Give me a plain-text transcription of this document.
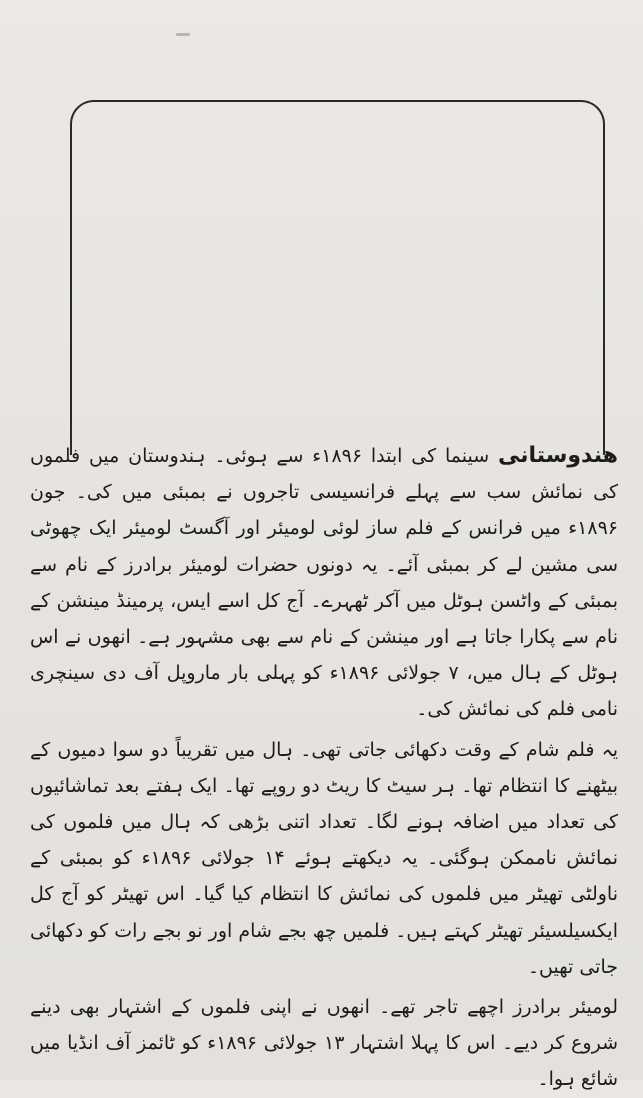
هندوستانی سینما کی ابتدا ۱۸۹۶ء سے ہوئی۔ ہندوستان میں فلموں کی نمائش سب سے پہلے فرانسیسی تاجروں نے بمبئی میں کی۔ جون ۱۸۹۶ء میں فرانس کے فلم ساز لوئی لومیئر اور آگسٹ لومیئر ایک چھوٹی سی مشین لے کر بمبئی آئے۔ یہ دونوں حضرات لومیئر برادرز کے نام سے بمبئی کے واٹسن ہوٹل میں آکر ٹھہرے۔ آج کل اسے ایس، پرمینڈ مینشن کے نام سے پکارا جاتا ہے اور مینشن کے نام سے بھی مشہور ہے۔ انھوں نے اس ہوٹل کے ہال میں، ۷ جولائی ۱۸۹۶ء کو پہلی بار ماروپل آف دی سینچری نامی فلم کی نمائش کی۔

یہ فلم شام کے وقت دکھائی جاتی تھی۔ ہال میں تقریباً دو سوا دمیوں کے بیٹھنے کا انتظام تھا۔ ہر سیٹ کا ریٹ دو روپے تھا۔ ایک ہفتے بعد تماشائیوں کی تعداد میں اضافہ ہونے لگا۔ تعداد اتنی بڑھی کہ ہال میں فلموں کی نمائش ناممکن ہوگئی۔ یہ دیکھتے ہوئے ۱۴ جولائی ۱۸۹۶ء کو بمبئی کے ناولٹی تھیٹر میں فلموں کی نمائش کا انتظام کیا گیا۔ اس تھیٹر کو آج کل ایکسیلسیئر تھیٹر کہتے ہیں۔ فلمیں چھ بجے شام اور نو بجے رات کو دکھائی جاتی تھیں۔

لومیئر برادرز اچھے تاجر تھے۔ انھوں نے اپنی فلموں کے اشتہار بھی دینے شروع کر دیے۔ اس کا پہلا اشتہار ۱۳ جولائی ۱۸۹۶ء کو ٹائمز آف انڈیا میں شائع ہوا۔
